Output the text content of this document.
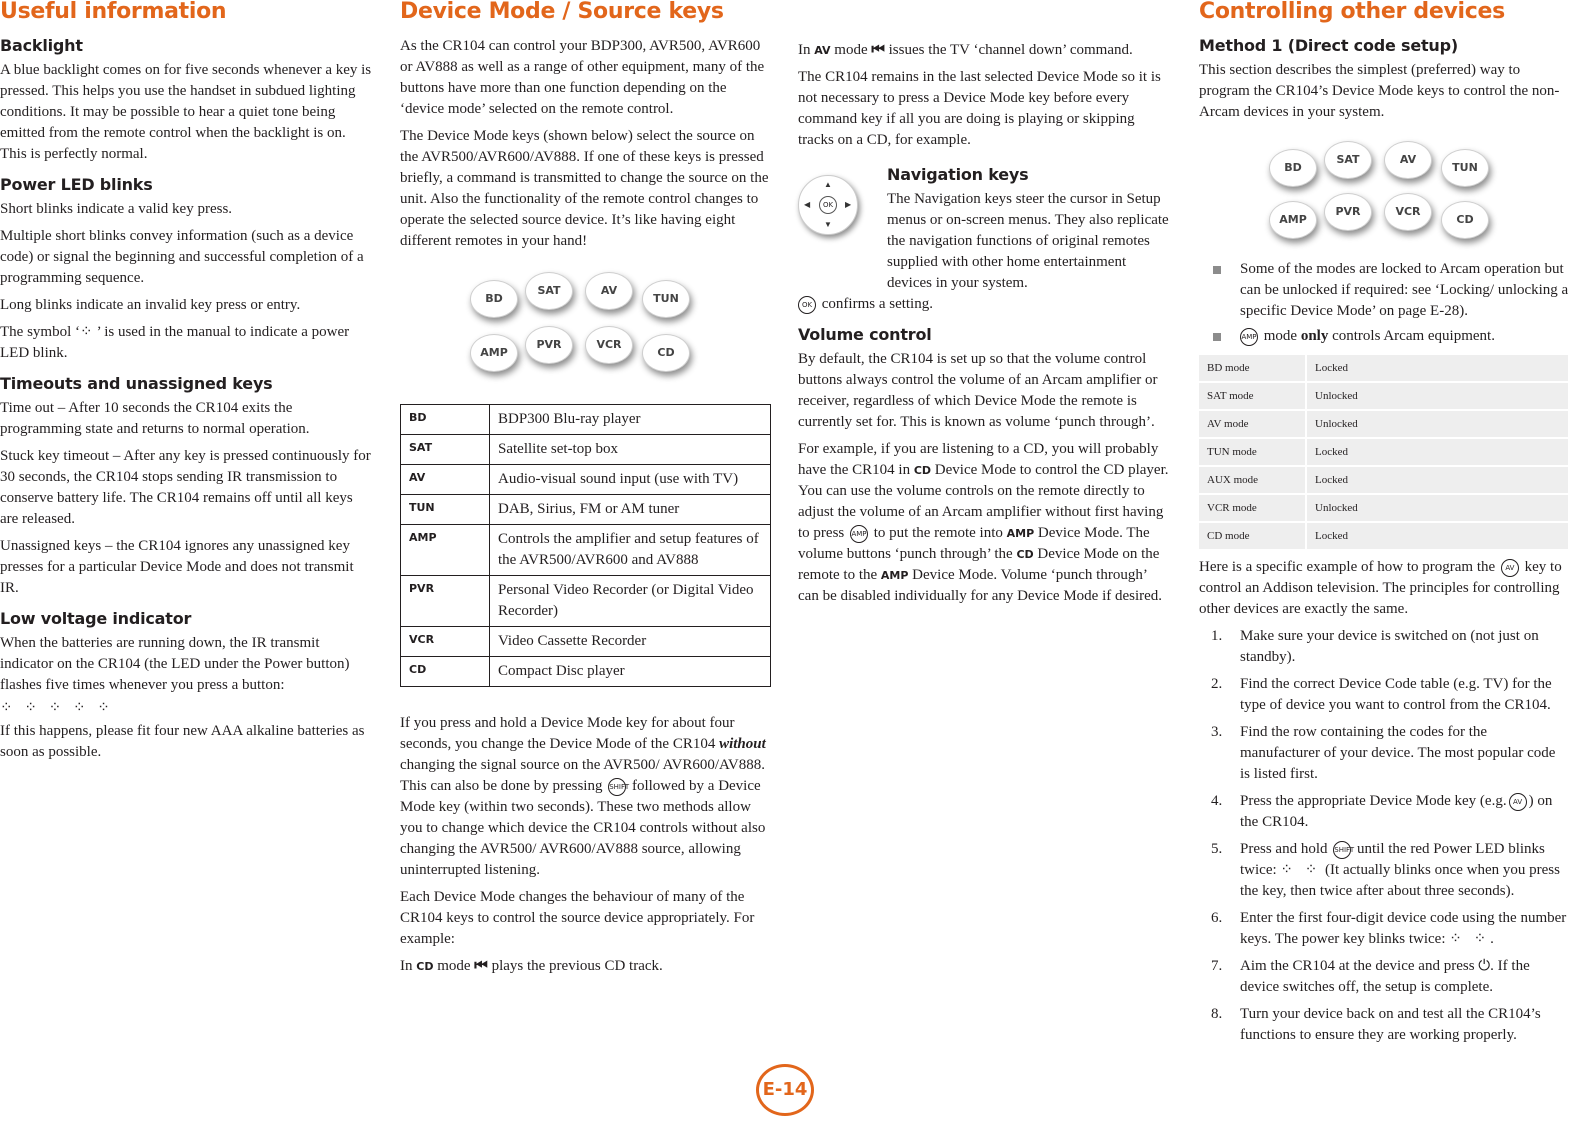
Useful information
Backlight

A blue backlight comes on for five seconds whenever a key is pressed. This helps you use the handset in subdued lighting conditions. It may be possible to hear a quiet tone being emitted from the remote control when the backlight is on. This is perfectly normal.

Power LED blinks

Short blinks indicate a valid key press.

Multiple short blinks convey information (such as a device code) or signal the beginning and successful completion of a programming sequence.

Long blinks indicate an invalid key press or entry.

The symbol ‘⁘’ is used in the manual to indicate a power LED blink.

Timeouts and unassigned keys

Time out – After 10 seconds the CR104 exits the programming state and returns to normal operation.

Stuck key timeout – After any key is pressed continuously for 30 seconds, the CR104 stops sending IR transmission to conserve battery life. The CR104 remains off until all keys are released.

Unassigned keys – the CR104 ignores any unassigned key presses for a particular Device Mode and does not transmit IR.

Low voltage indicator

When the batteries are running down, the IR transmit indicator on the CR104 (the LED under the Power button) flashes five times whenever you press a button:

⁘ ⁘ ⁘ ⁘ ⁘

If this happens, please fit four new AAA alkaline batteries as soon as possible.

Device Mode / Source keys

As the CR104 can control your BDP300, AVR500, AVR600 or AV888 as well as a range of other equipment, many of the buttons have more than one function depending on the ‘device mode’ selected on the remote control.

The Device Mode keys (shown below) select the source on the AVR500/AVR600/AV888. If one of these keys is pressed briefly, a command is transmitted to change the source on the unit. Also the functionality of the remote control changes to operate the selected source device. It’s like having eight different remotes in your hand!

BD
SAT	AV
TUN
AMP
PVR	VCR
CD
BD	BDP300 Blu-ray player
SAT	Satellite set-top box
AV	Audio-visual sound input (use with TV)
TUN	DAB, Sirius, FM or AM tuner
AMP	Controls the amplifier and setup features of the AVR500/AVR600 and AV888
PVR	Personal Video Recorder (or Digital Video Recorder)
VCR	Video Cassette Recorder
CD	Compact Disc player

If you press and hold a Device Mode key for about four seconds, you change the Device Mode of the CR104 without changing the signal source on the AVR500/ AVR600/AV888. This can also be done by pressing SHIFT followed by a Device Mode key (within two seconds). These two methods allow you to change which device the CR104 controls without also changing the AVR500/ AVR600/AV888 source, allowing uninterrupted listening.

Each Device Mode changes the behaviour of many of the CR104 keys to control the source device appropriately. For example:

In CD mode ⏮ plays the previous CD track.

In AV mode ⏮ issues the TV ‘channel down’ command.

The CR104 remains in the last selected Device Mode so it is not necessary to press a Device Mode key before every command key if all you are doing is playing or skipping tracks on a CD, for example.

▲
▼
◀	▶
OK
Navigation keys

The Navigation keys steer the cursor in Setup menus or on-screen menus. They also replicate the navigation functions of original remotes supplied with other home entertainment devices in your system.

OK confirms a setting.

Volume control

By default, the CR104 is set up so that the volume control buttons always control the volume of an Arcam amplifier or receiver, regardless of which Device Mode the remote is currently set for. This is known as volume ‘punch through’.

For example, if you are listening to a CD, you will probably have the CR104 in CD Device Mode to control the CD player. You can use the volume controls on the remote directly to adjust the volume of an Arcam amplifier without first having to press AMP to put the remote into AMP Device Mode. The volume buttons ‘punch through’ the CD Device Mode on the remote to the AMP Device Mode. Volume ‘punch through’ can be disabled individually for any Device Mode if desired.

Controlling other devices
Method 1 (Direct code setup)

This section describes the simplest (preferred) way to program the CR104’s Device Mode keys to control the non-Arcam devices in your system.

BD
SAT	AV
TUN
AMP
PVR	VCR
CD
Some of the modes are locked to Arcam operation but can be unlocked if required: see ‘Locking/ unlocking a specific Device Mode’ on page E-28).
AMP mode only controls Arcam equipment.
BD mode	Locked
SAT mode	Unlocked
AV mode	Unlocked
TUN mode	Locked
AUX mode	Locked
VCR mode	Unlocked
CD mode	Locked

Here is a specific example of how to program the AV key to control an Addison television. The principles for controlling other devices are exactly the same.

1. Make sure your device is switched on (not just on standby).
2. Find the correct Device Code table (e.g. TV) for the type of device you want to control from the CR104.
3. Find the row containing the codes for the manufacturer of your device. The most popular code is listed first.
4. Press the appropriate Device Mode key (e.g. AV ) on the CR104.
5. Press and hold SHIFT until the red Power LED blinks twice: ⁘ ⁘ (It actually blinks once when you press the key, then twice after about three seconds).
6. Enter the first four-digit device code using the number keys. The power key blinks twice: ⁘ ⁘.
7. Aim the CR104 at the device and press ⏻. If the device switches off, the setup is complete.
8. Turn your device back on and test all the CR104’s functions to ensure they are working properly.
E-14
